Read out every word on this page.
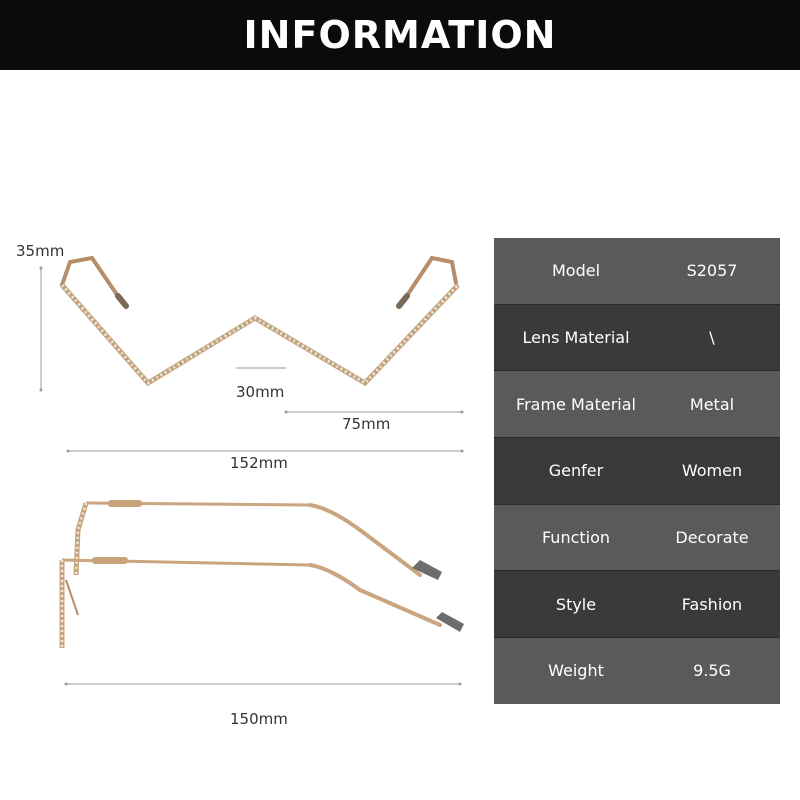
INFORMATION
35mm
30mm
75mm
152mm
150mm
Model	S2057
Lens Material	\
Frame Material	Metal
Genfer	Women
Function	Decorate
Style	Fashion
Weight	9.5G
